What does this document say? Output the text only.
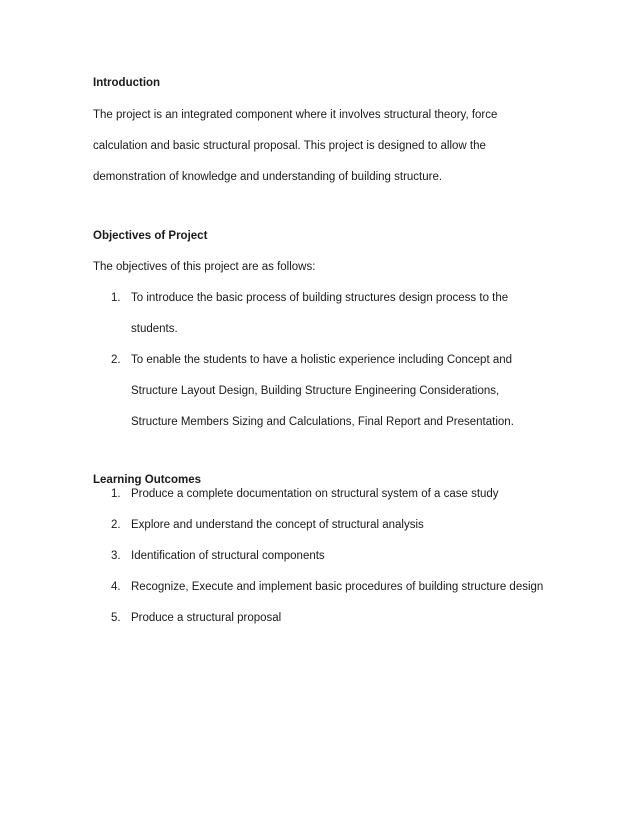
Introduction

The project is an integrated component where it involves structural theory, force calculation and basic structural proposal. This project is designed to allow the demonstration of knowledge and understanding of building structure.

Objectives of Project

The objectives of this project are as follows:

1. To introduce the basic process of building structures design process to the students.
2. To enable the students to have a holistic experience including Concept and Structure Layout Design, Building Structure Engineering Considerations, Structure Members Sizing and Calculations, Final Report and Presentation.
Learning Outcomes
1. Produce a complete documentation on structural system of a case study
2. Explore and understand the concept of structural analysis
3. Identification of structural components
4. Recognize, Execute and implement basic procedures of building structure design
5. Produce a structural proposal
